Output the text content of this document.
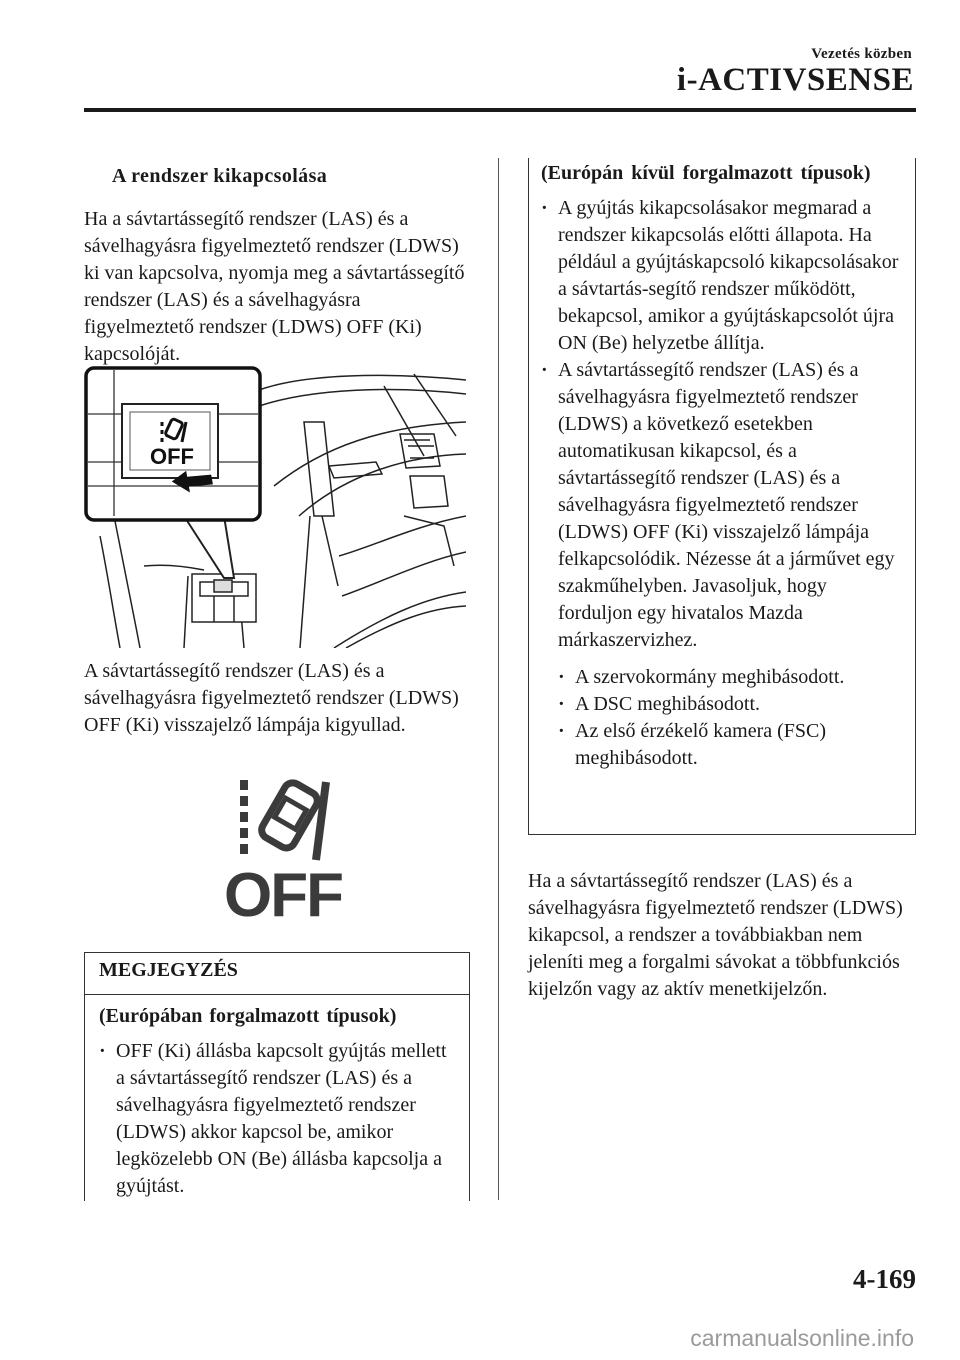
Vezetés közben
i-ACTIVSENSE
A rendszer kikapcsolása

Ha a sávtartássegítő rendszer (LAS) és a sávelhagyásra figyelmeztető rendszer (LDWS) ki van kapcsolva, nyomja meg a sávtartássegítő rendszer (LAS) és a sávelhagyásra figyelmeztető rendszer (LDWS) OFF (Ki) kapcsolóját.

OFF

A sávtartássegítő rendszer (LAS) és a sávelhagyásra figyelmeztető rendszer (LDWS) OFF (Ki) visszajelző lámpája kigyullad.

OFF
MEGJEGYZÉS

(Európában forgalmazott típusok)

· OFF (Ki) állásba kapcsolt gyújtás mellett a sávtartássegítő rendszer (LAS) és a sávelhagyásra figyelmeztető rendszer (LDWS) akkor kapcsol be, amikor legközelebb ON (Be) állásba kapcsolja a gyújtást.

(Európán kívül forgalmazott típusok)

· A gyújtás kikapcsolásakor megmarad a rendszer kikapcsolás előtti állapota. Ha például a gyújtáskapcsoló kikapcsolásakor a sávtartás-segítő rendszer működött, bekapcsol, amikor a gyújtáskapcsolót újra ON (Be) helyzetbe állítja.

· A sávtartássegítő rendszer (LAS) és a sávelhagyásra figyelmeztető rendszer (LDWS) a következő esetekben automatikusan kikapcsol, és a sávtartássegítő rendszer (LAS) és a sávelhagyásra figyelmeztető rendszer (LDWS) OFF (Ki) visszajelző lámpája felkapcsolódik. Nézesse át a járművet egy szakműhelyben. Javasoljuk, hogy forduljon egy hivatalos Mazda márkaszervizhez.

· A szervokormány meghibásodott.

· A DSC meghibásodott.

· Az első érzékelő kamera (FSC) meghibásodott.

Ha a sávtartássegítő rendszer (LAS) és a sávelhagyásra figyelmeztető rendszer (LDWS) kikapcsol, a rendszer a továbbiakban nem jeleníti meg a forgalmi sávokat a többfunkciós kijelzőn vagy az aktív menetkijelzőn.

4-169
carmanualsonline.info
